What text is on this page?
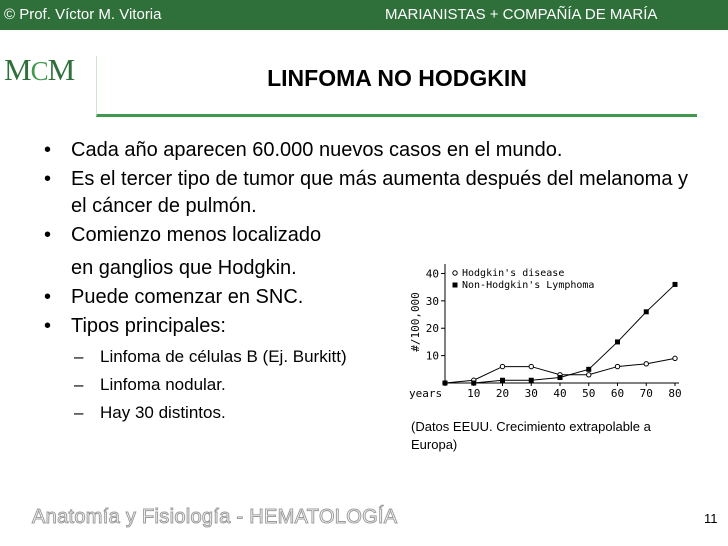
© Prof. Víctor M. Vitoria	MARIANISTAS + COMPAÑÍA DE MARÍA
MCM	LINFOMA NO HODGKIN
• Cada año aparecen 60.000 nuevos casos en el mundo.
• Es el tercer tipo de tumor que más aumenta después del melanoma y el cáncer de pulmón.
• Comienzo menos localizado
en ganglios que Hodgkin.
• Puede comenzar en SNC.
• Tipos principales:
– Linfoma de células B (Ej. Burkitt)
– Linfoma nodular.
– Hay 30 distintos.
10
20
30
40
years 10 20 30 40 50 60 70 80
#/100,000
Hodgkin's disease
Non-Hodgkin's Lymphoma
(Datos EEUU. Crecimiento extrapolable a Europa)
Anatomía y Fisiología - HEMATOLOGÍA	11
